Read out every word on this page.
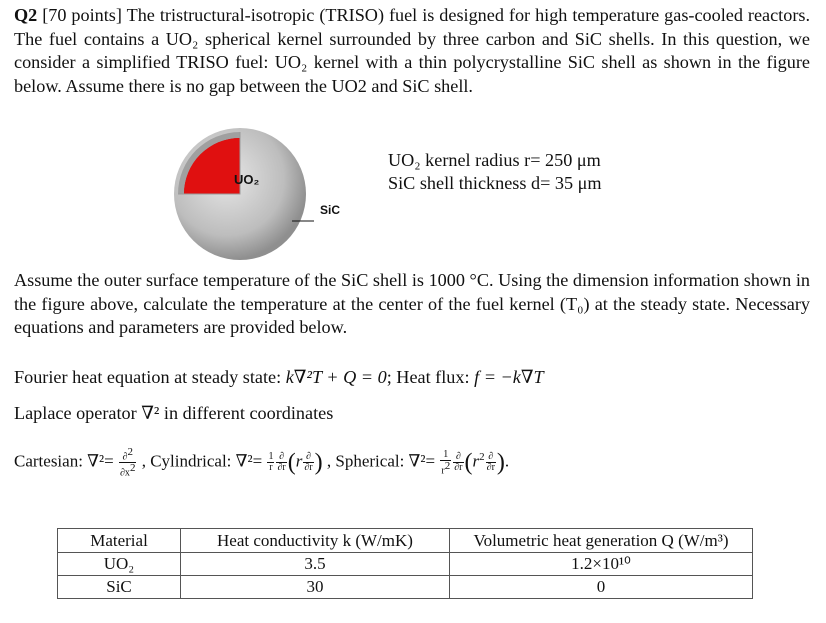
Q2 [70 points] The tristructural-isotropic (TRISO) fuel is designed for high temperature gas-cooled reactors. The fuel contains a UO₂ spherical kernel surrounded by three carbon and SiC shells. In this question, we consider a simplified TRISO fuel: UO₂ kernel with a thin polycrystalline SiC shell as shown in the figure below. Assume there is no gap between the UO2 and SiC shell.
UO₂
SiC
UO₂ kernel radius r= 250 μm
SiC shell thickness d= 35 μm
Assume the outer surface temperature of the SiC shell is 1000 °C. Using the dimension information shown in the figure above, calculate the temperature at the center of the fuel kernel (T₀) at the steady state. Necessary equations and parameters are provided below.
Fourier heat equation at steady state: k∇²T + Q = 0; Heat flux: f = −k∇T
Laplace operator ∇² in different coordinates
Cartesian: $\nabla^2= \frac{\partial^2}{\partial x^2}$ , Cylindrical: $\nabla^2= \frac{1}{r} \frac{\partial}{\partial r} (r \frac{\partial}{\partial r}$ ) , Spherical: $\nabla^2= \frac{1}{r^2} \frac{\partial}{\partial r} (r^2 \frac{\partial}{\partial r}$ ).
Material	Heat conductivity k (W/mK)	Volumetric heat generation Q (W/m³)
UO₂	3.5	1.2×10¹⁰
SiC	30	0
